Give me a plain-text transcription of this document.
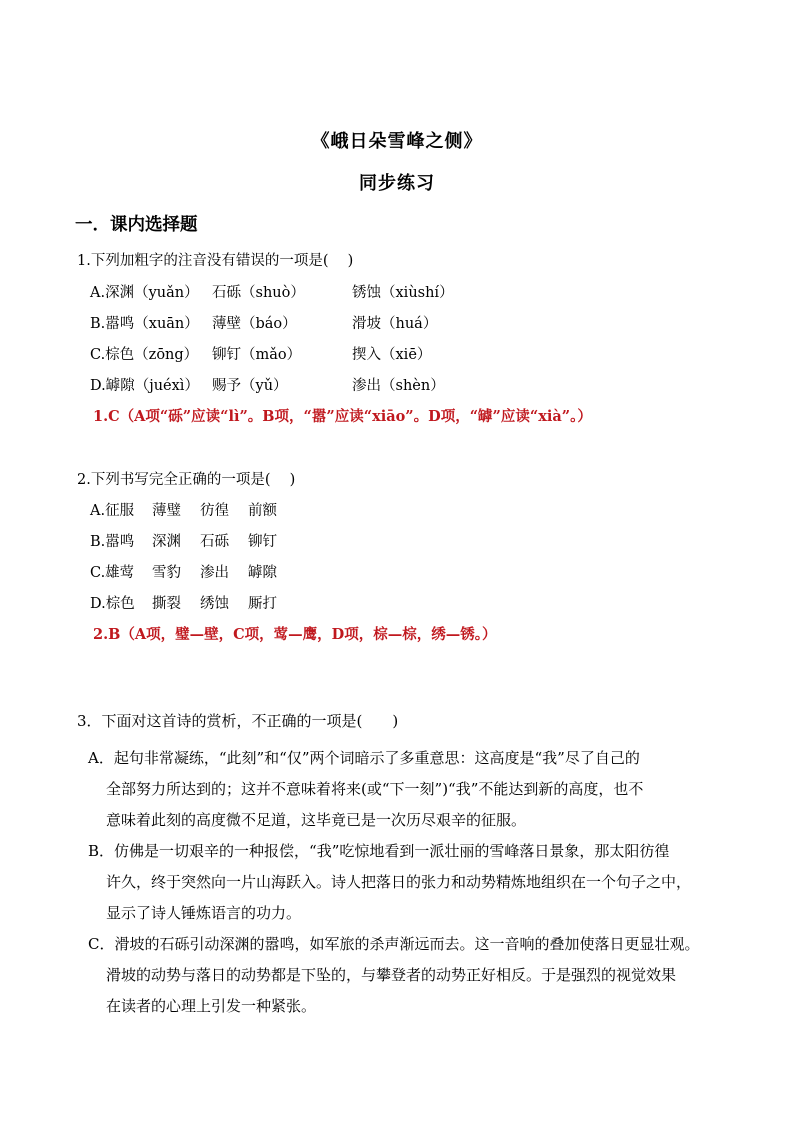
《峨日朵雪峰之侧》
同步练习
一．课内选择题
1.下列加粗字的注音没有错误的一项是(　 )
A.深渊（yuǎn） 石砾（shuò）	锈蚀（xiùshí）
B.嚣鸣（xuān） 薄壁（báo）	滑坡（huá）
C.棕色（zōng） 铆钉（mǎo）	揳入（xiē）
D.罅隙（juéxì） 赐予（yǔ）	渗出（shèn）
1.C（A项“砾”应读“lì”。B项，“嚣”应读“xiāo”。D项，“罅”应读“xià”。）
2.下列书写完全正确的一项是(　 )
A.征服 薄璧 彷徨 前额
B.嚣鸣 深渊 石砾 铆钉
C.雄莺 雪豹 渗出 罅隙
D.棕色 撕裂 绣蚀 厮打
2.B（A项，璧—壁，C项，莺—鹰，D项，棕—棕，绣—锈。）
3．下面对这首诗的赏析，不正确的一项是(　　)
A．起句非常凝练，“此刻”和“仅”两个词暗示了多重意思：这高度是“我”尽了自己的
全部努力所达到的；这并不意味着将来(或“下一刻”)“我”不能达到新的高度，也不
意味着此刻的高度微不足道，这毕竟已是一次历尽艰辛的征服。
B．仿佛是一切艰辛的一种报偿，“我”吃惊地看到一派壮丽的雪峰落日景象，那太阳彷徨
许久，终于突然向一片山海跃入。诗人把落日的张力和动势精炼地组织在一个句子之中，
显示了诗人锤炼语言的功力。
C．滑坡的石砾引动深渊的嚣鸣，如军旅的杀声渐远而去。这一音响的叠加使落日更显壮观。
滑坡的动势与落日的动势都是下坠的，与攀登者的动势正好相反。于是强烈的视觉效果
在读者的心理上引发一种紧张。
